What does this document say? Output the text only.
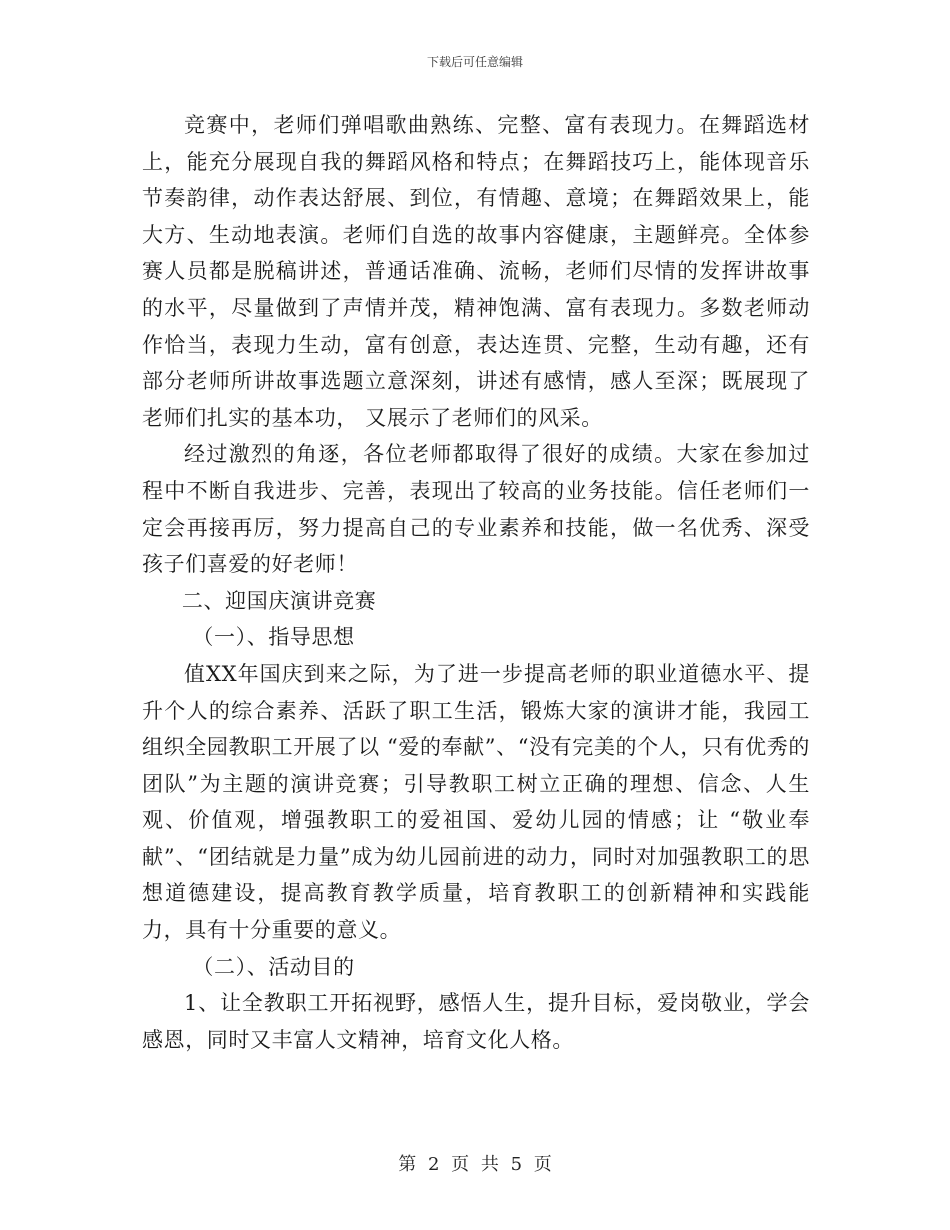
下载后可任意编辑

竞赛中，老师们弹唱歌曲熟练、完整、富有表现力。在舞蹈选材上，能充分展现自我的舞蹈风格和特点；在舞蹈技巧上，能体现音乐节奏韵律，动作表达舒展、到位，有情趣、意境；在舞蹈效果上，能大方、生动地表演。老师们自选的故事内容健康，主题鲜亮。全体参赛人员都是脱稿讲述，普通话准确、流畅，老师们尽情的发挥讲故事的水平，尽量做到了声情并茂，精神饱满、富有表现力。多数老师动作恰当，表现力生动，富有创意，表达连贯、完整，生动有趣，还有部分老师所讲故事选题立意深刻，讲述有感情，感人至深；既展现了老师们扎实的基本功， 又展示了老师们的风采。

经过激烈的角逐，各位老师都取得了很好的成绩。大家在参加过程中不断自我进步、完善，表现出了较高的业务技能。信任老师们一定会再接再厉，努力提高自己的专业素养和技能，做一名优秀、深受孩子们喜爱的好老师！

二、迎国庆演讲竞赛

（一）、指导思想

值XX年国庆到来之际，为了进一步提高老师的职业道德水平、提升个人的综合素养、活跃了职工生活，锻炼大家的演讲才能，我园工组织全园教职工开展了以 “爱的奉献”、“没有完美的个人，只有优秀的团队”为主题的演讲竞赛；引导教职工树立正确的理想、信念、人生观、价值观，增强教职工的爱祖国、爱幼儿园的情感；让 “敬业奉献”、“团结就是力量”成为幼儿园前进的动力，同时对加强教职工的思想道德建设，提高教育教学质量，培育教职工的创新精神和实践能力，具有十分重要的意义。

（二）、活动目的

1、让全教职工开拓视野，感悟人生，提升目标，爱岗敬业，学会感恩，同时又丰富人文精神，培育文化人格。

第 2 页 共 5 页
